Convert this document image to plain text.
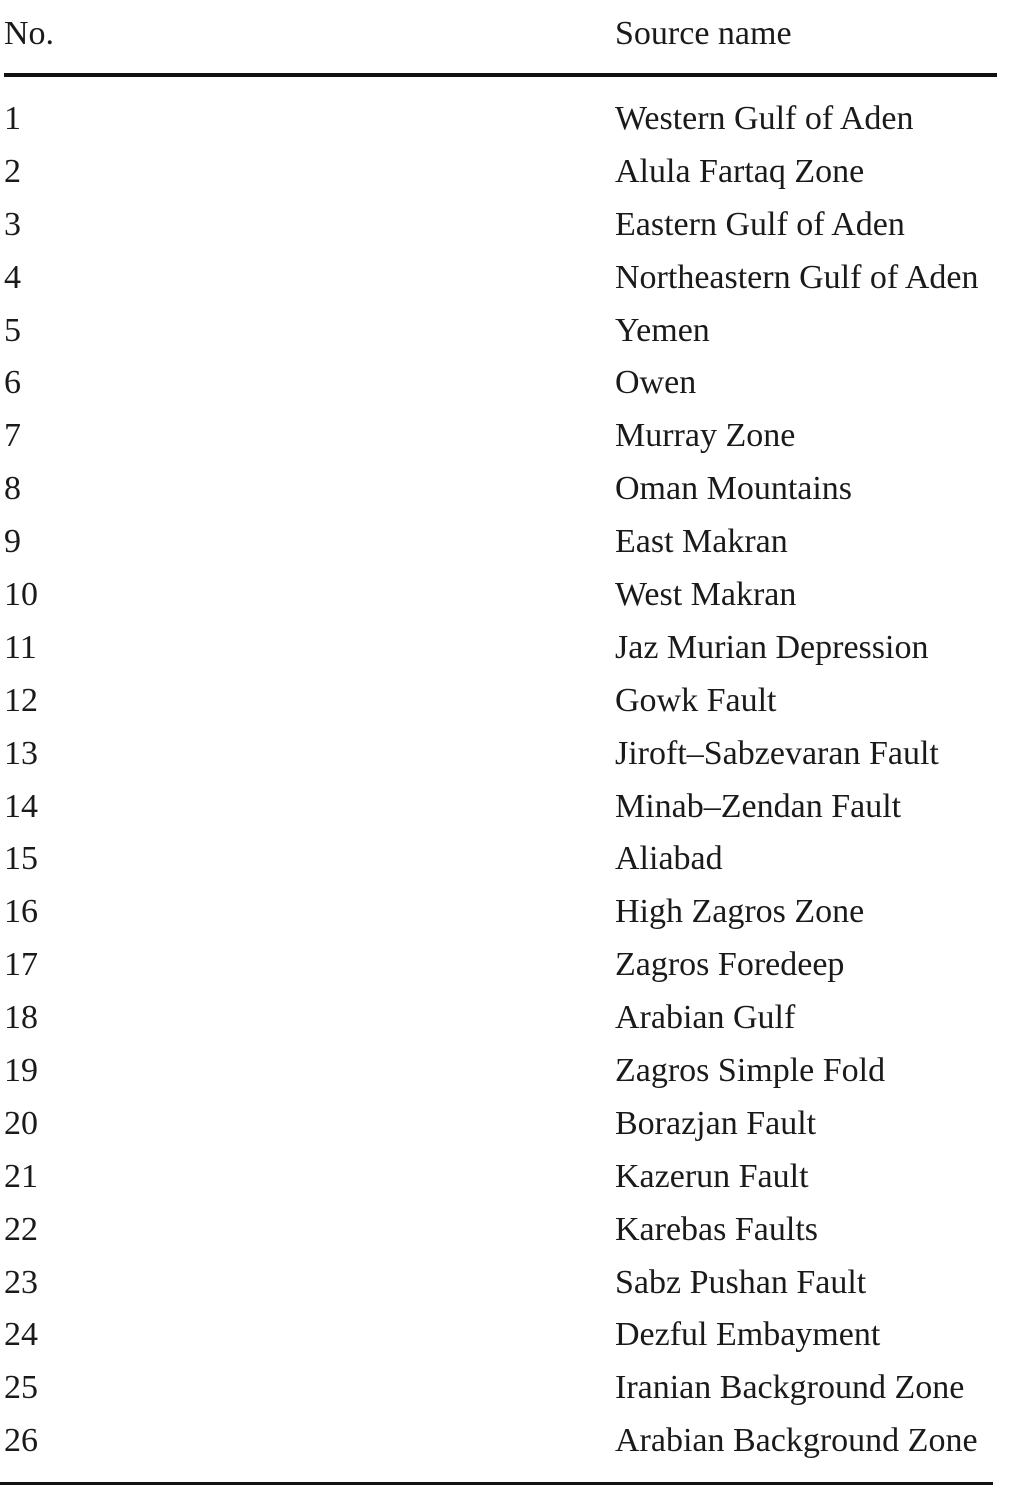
No.	Source name
1	Western Gulf of Aden
2	Alula Fartaq Zone
3	Eastern Gulf of Aden
4	Northeastern Gulf of Aden
5	Yemen
6	Owen
7	Murray Zone
8	Oman Mountains
9	East Makran
10	West Makran
11	Jaz Murian Depression
12	Gowk Fault
13	Jiroft–Sabzevaran Fault
14	Minab–Zendan Fault
15	Aliabad
16	High Zagros Zone
17	Zagros Foredeep
18	Arabian Gulf
19	Zagros Simple Fold
20	Borazjan Fault
21	Kazerun Fault
22	Karebas Faults
23	Sabz Pushan Fault
24	Dezful Embayment
25	Iranian Background Zone
26	Arabian Background Zone
